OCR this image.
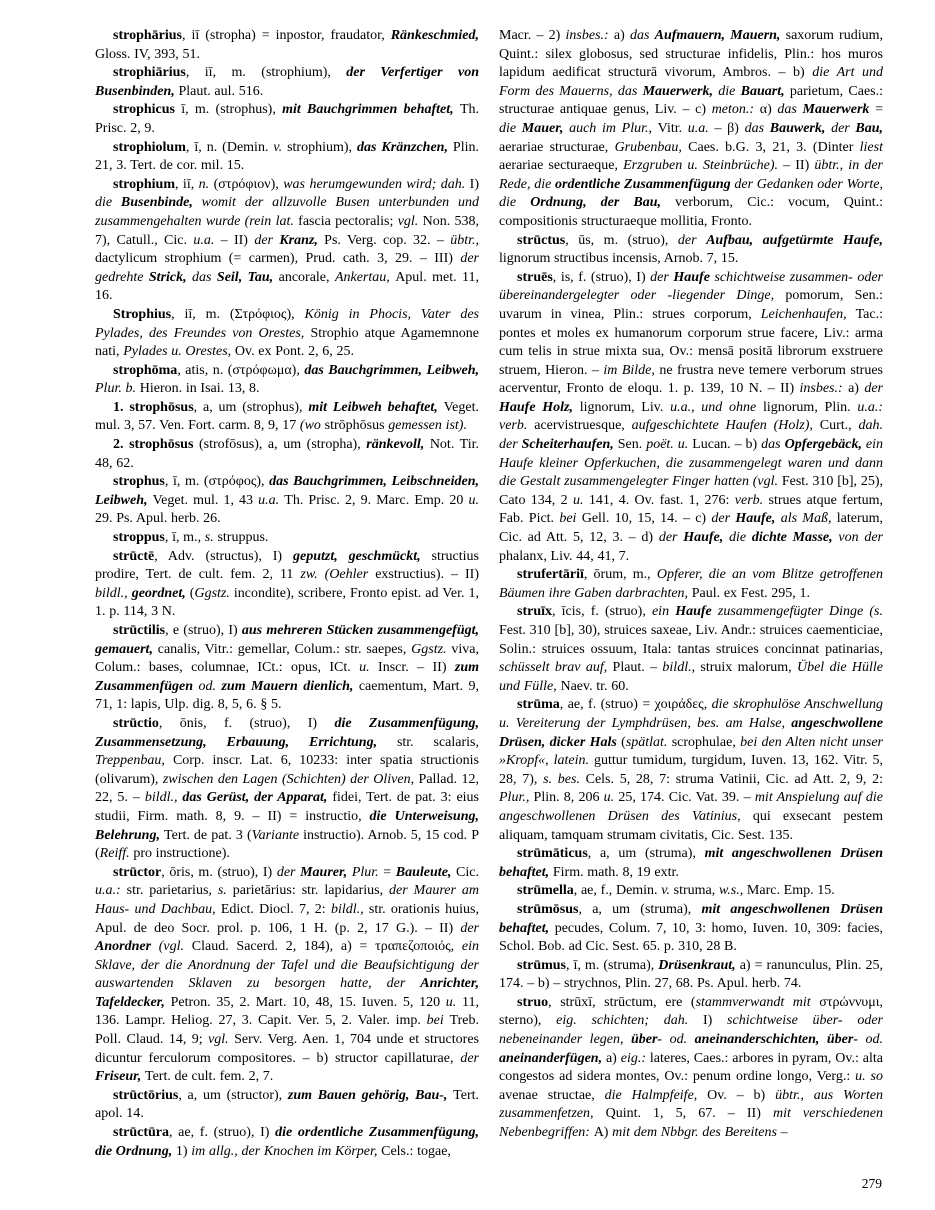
strophārius, iī (stropha) = inpostor, fraudator, Ränkeschmied, Gloss. IV, 393, 51.

strophiārius, iī, m. (strophium), der Verfertiger von Busenbinden, Plaut. aul. 516.

strophicus ī, m. (strophus), mit Bauchgrimmen behaftet, Th. Prisc. 2, 9.

strophiolum, ī, n. (Demin. v. strophium), das Kränzchen, Plin. 21, 3. Tert. de cor. mil. 15.

strophium, iī, n. (στρόφιον), was herumgewunden wird; dah. I) die Busenbinde, womit der allzuvolle Busen unterbunden und zusammengehalten wurde (rein lat. fascia pectoralis; vgl. Non. 538, 7), Catull., Cic. u.a. – II) der Kranz, Ps. Verg. cop. 32. – übtr., dactylicum strophium (= carmen), Prud. cath. 3, 29. – III) der gedrehte Strick, das Seil, Tau, ancorale, Ankertau, Apul. met. 11, 16.

Strophius, iī, m. (Στρόφιος), König in Phocis, Vater des Pylades, des Freundes von Orestes, Strophio atque Agamemnone nati, Pylades u. Orestes, Ov. ex Pont. 2, 6, 25.

strophōma, atis, n. (στρόφωμα), das Bauchgrimmen, Leibweh, Plur. b. Hieron. in Isai. 13, 8.

1. strophōsus, a, um (strophus), mit Leibweh behaftet, Veget. mul. 3, 57. Ven. Fort. carm. 8, 9, 17 (wo strōphōsus gemessen ist).

2. strophōsus (strofōsus), a, um (stropha), ränkevoll, Not. Tir. 48, 62.

strophus, ī, m. (στρόφος), das Bauchgrimmen, Leibschneiden, Leibweh, Veget. mul. 1, 43 u.a. Th. Prisc. 2, 9. Marc. Emp. 20 u. 29. Ps. Apul. herb. 26.

stroppus, ī, m., s. struppus.

strūctē, Adv. (structus), I) geputzt, geschmückt, structius prodire, Tert. de cult. fem. 2, 11 zw. (Oehler exstructius). – II) bildl., geordnet, (Ggstz. incondite), scribere, Fronto epist. ad Ver. 1, 1. p. 114, 3 N.

strūctilis, e (struo), I) aus mehreren Stücken zusammengefügt, gemauert, canalis, Vitr.: gemellar, Colum.: str. saepes, Ggstz. viva, Colum.: bases, columnae, ICt.: opus, ICt. u. Inscr. – II) zum Zusammenfügen od. zum Mauern dienlich, caementum, Mart. 9, 71, 1: lapis, Ulp. dig. 8, 5, 6. § 5.

strūctio, ōnis, f. (struo), I) die Zusammenfügung, Zusammensetzung, Erbauung, Errichtung, str. scalaris, Treppenbau, Corp. inscr. Lat. 6, 10233: inter spatia structionis (olivarum), zwischen den Lagen (Schichten) der Oliven, Pallad. 12, 22, 5. – bildl., das Gerüst, der Apparat, fidei, Tert. de pat. 3: eius studii, Firm. math. 8, 9. – II) = instructio, die Unterweisung, Belehrung, Tert. de pat. 3 (Variante instructio). Arnob. 5, 15 cod. P (Reiff. pro instructione).

strūctor, ōris, m. (struo), I) der Maurer, Plur. = Bauleute, Cic. u.a.: str. parietarius, s. parietārius: str. lapidarius, der Maurer am Haus- und Dachbau, Edict. Diocl. 7, 2: bildl., str. orationis huius, Apul. de deo Socr. prol. p. 106, 1 H. (p. 2, 17 G.). – II) der Anordner (vgl. Claud. Sacerd. 2, 184), a) = τραπεζοποιός, ein Sklave, der die Anordnung der Tafel und die Beaufsichtigung der auswartenden Sklaven zu besorgen hatte, der Anrichter, Tafeldecker, Petron. 35, 2. Mart. 10, 48, 15. Iuven. 5, 120 u. 11, 136. Lampr. Heliog. 27, 3. Capit. Ver. 5, 2. Valer. imp. bei Treb. Poll. Claud. 14, 9; vgl. Serv. Verg. Aen. 1, 704 unde et structores dicuntur ferculorum compositores. – b) structor capillaturae, der Friseur, Tert. de cult. fem. 2, 7.

strūctōrius, a, um (structor), zum Bauen gehörig, Bau-, Tert. apol. 14.

strūctūra, ae, f. (struo), I) die ordentliche Zusammenfügung, die Ordnung, 1) im allg., der Knochen im Körper, Cels.: togae,

Macr. – 2) insbes.: a) das Aufmauern, Mauern, saxorum rudium, Quint.: silex globosus, sed structurae infidelis, Plin.: hos muros lapidum aedificat structurā vivorum, Ambros. – b) die Art und Form des Mauerns, das Mauerwerk, die Bauart, parietum, Caes.: structurae antiquae genus, Liv. – c) meton.: α) das Mauerwerk = die Mauer, auch im Plur., Vitr. u.a. – β) das Bauwerk, der Bau, aerariae structurae, Grubenbau, Caes. b.G. 3, 21, 3. (Dinter liest aerariae secturaeque, Erzgruben u. Steinbrüche). – II) übtr., in der Rede, die ordentliche Zusammenfügung der Gedanken oder Worte, die Ordnung, der Bau, verborum, Cic.: vocum, Quint.: compositionis structuraeque mollitia, Fronto.

strūctus, ūs, m. (struo), der Aufbau, aufgetürmte Haufe, lignorum structibus incensis, Arnob. 7, 15.

struēs, is, f. (struo), I) der Haufe schichtweise zusammen- oder übereinandergelegter oder -liegender Dinge, pomorum, Sen.: uvarum in vinea, Plin.: strues corporum, Leichenhaufen, Tac.: pontes et moles ex humanorum corporum strue facere, Liv.: arma cum telis in strue mixta sua, Ov.: mensā positā librorum exstruere struem, Hieron. – im Bilde, ne frustra neve temere verborum strues acerventur, Fronto de eloqu. 1. p. 139, 10 N. – II) insbes.: a) der Haufe Holz, lignorum, Liv. u.a., und ohne lignorum, Plin. u.a.: verb. acervistruesque, aufgeschichtete Haufen (Holz), Curt., dah. der Scheiterhaufen, Sen. poët. u. Lucan. – b) das Opfergebäck, ein Haufe kleiner Opferkuchen, die zusammengelegt waren und dann die Gestalt zusammengelegter Finger hatten (vgl. Fest. 310 [b], 25), Cato 134, 2 u. 141, 4. Ov. fast. 1, 276: verb. strues atque fertum, Fab. Pict. bei Gell. 10, 15, 14. – c) der Haufe, als Maß, laterum, Cic. ad Att. 5, 12, 3. – d) der Haufe, die dichte Masse, von der phalanx, Liv. 44, 41, 7.

strufertāriī, ōrum, m., Opferer, die an vom Blitze getroffenen Bäumen ihre Gaben darbrachten, Paul. ex Fest. 295, 1.

struīx, īcis, f. (struo), ein Haufe zusammengefügter Dinge (s. Fest. 310 [b], 30), struices saxeae, Liv. Andr.: struices caementiciae, Solin.: struices ossuum, Itala: tantas struices concinnat patinarias, schüsselt brav auf, Plaut. – bildl., struix malorum, Übel die Hülle und Fülle, Naev. tr. 60.

strūma, ae, f. (struo) = χοιράδες, die skrophulöse Anschwellung u. Vereiterung der Lymphdrüsen, bes. am Halse, angeschwollene Drüsen, dicker Hals (spätlat. scrophulae, bei den Alten nicht unser »Kropf«, latein. guttur tumidum, turgidum, Iuven. 13, 162. Vitr. 5, 28, 7), s. bes. Cels. 5, 28, 7: struma Vatinii, Cic. ad Att. 2, 9, 2: Plur., Plin. 8, 206 u. 25, 174. Cic. Vat. 39. – mit Anspielung auf die angeschwollenen Drüsen des Vatinius, qui exsecant pestem aliquam, tamquam strumam civitatis, Cic. Sest. 135.

strūmāticus, a, um (struma), mit angeschwollenen Drüsen behaftet, Firm. math. 8, 19 extr.

strūmella, ae, f., Demin. v. struma, w.s., Marc. Emp. 15.

strūmōsus, a, um (struma), mit angeschwollenen Drüsen behaftet, pecudes, Colum. 7, 10, 3: homo, Iuven. 10, 309: facies, Schol. Bob. ad Cic. Sest. 65. p. 310, 28 B.

strūmus, ī, m. (struma), Drüsenkraut, a) = ranunculus, Plin. 25, 174. – b) – strychnos, Plin. 27, 68. Ps. Apul. herb. 74.

struo, strūxī, strūctum, ere (stammverwandt mit στρώννυμι, sterno), eig. schichten; dah. I) schichtweise über- oder nebeneinander legen, über- od. aneinanderschichten, über- od. aneinanderfügen, a) eig.: lateres, Caes.: arbores in pyram, Ov.: alta congestos ad sidera montes, Ov.: penum ordine longo, Verg.: u. so avenae structae, die Halmpfeife, Ov. – b) übtr., aus Worten zusammenfetzen, Quint. 1, 5, 67. – II) mit verschiedenen Nebenbegriffen: A) mit dem Nbbgr. des Bereitens –

279
